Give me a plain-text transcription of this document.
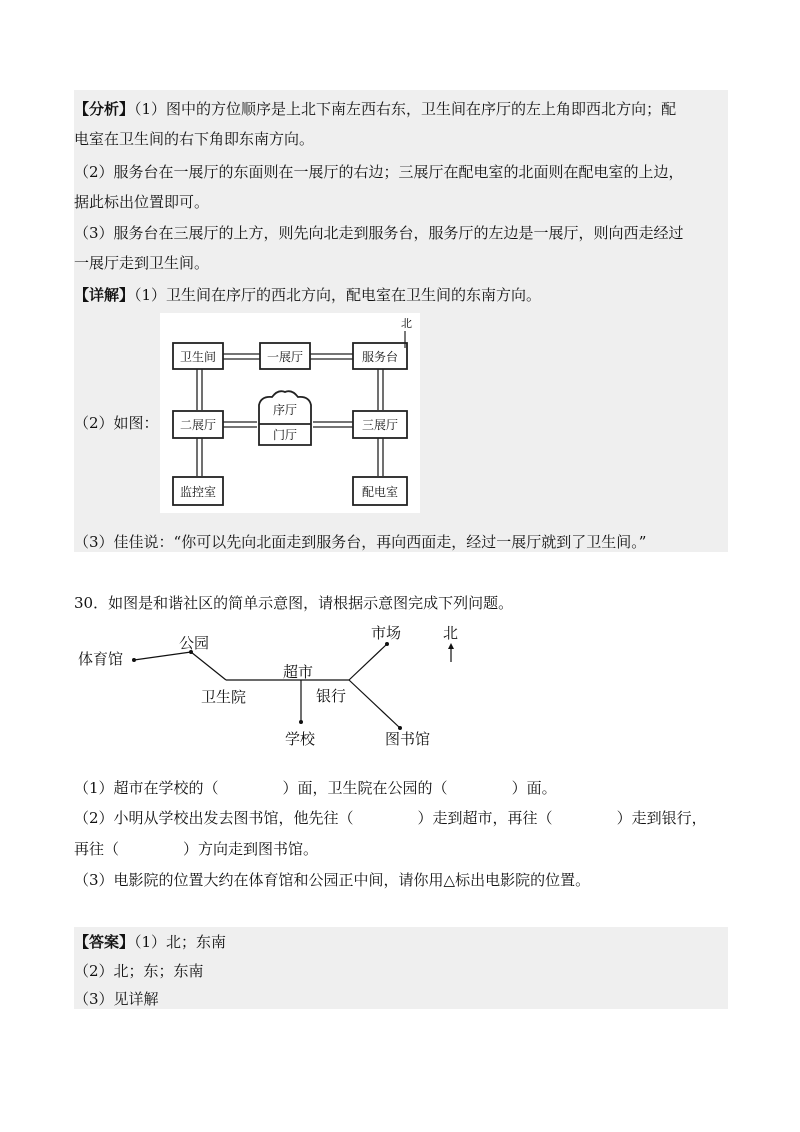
【分析】（1）图中的方位顺序是上北下南左西右东，卫生间在序厅的左上角即西北方向；配
电室在卫生间的右下角即东南方向。
（2）服务台在一展厅的东面则在一展厅的右边；三展厅在配电室的北面则在配电室的上边，
据此标出位置即可。
（3）服务台在三展厅的上方，则先向北走到服务台，服务厅的左边是一展厅，则向西走经过
一展厅走到卫生间。
【详解】（1）卫生间在序厅的西北方向，配电室在卫生间的东南方向。
（2）如图：
北
卫生间	一展厅	服务台
二展厅
序厅
门厅
三展厅
监控室	配电室
（3）佳佳说：“你可以先向北面走到服务台，再向西面走，经过一展厅就到了卫生间。”
30．如图是和谐社区的简单示意图，请根据示意图完成下列问题。
体育馆
公园
卫生院
超市
银行
市场
学校	图书馆
北
（1）超市在学校的（	）面，卫生院在公园的（	）面。
（2）小明从学校出发去图书馆，他先往（	）走到超市，再往（	）走到银行，
再往（	）方向走到图书馆。
（3）电影院的位置大约在体育馆和公园正中间，请你用△标出电影院的位置。
【答案】（1）北；东南
（2）北；东；东南
（3）见详解
